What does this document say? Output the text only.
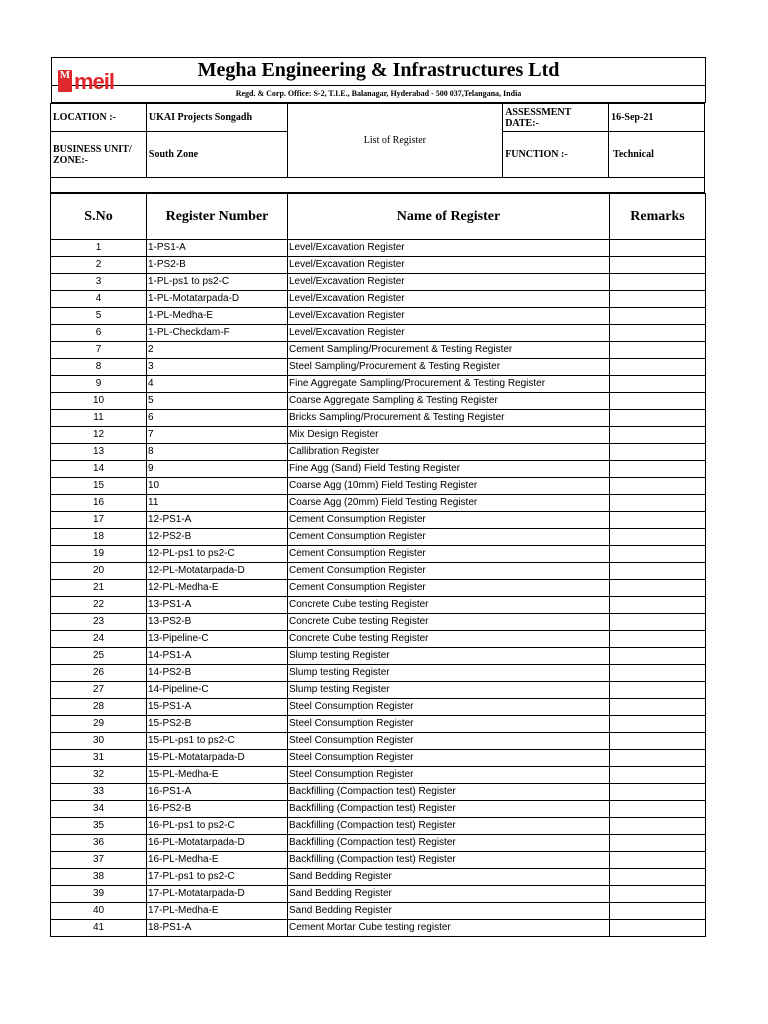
M meil	Megha Engineering & Infrastructures Ltd
Regd. & Corp. Office: S-2, T.I.E., Balanagar, Hyderabad - 500 037,Telangana, India
LOCATION :-	UKAI Projects Songadh	List of Register	ASSESSMENT DATE:-	16-Sep-21
BUSINESS UNIT/ ZONE:-	South Zone		FUNCTION :-	Technical

S.No	Register Number	Name of Register	Remarks
1	1-PS1-A	Level/Excavation Register	
2	1-PS2-B	Level/Excavation Register	
3	1-PL-ps1 to ps2-C	Level/Excavation Register	
4	1-PL-Motatarpada-D	Level/Excavation Register	
5	1-PL-Medha-E	Level/Excavation Register	
6	1-PL-Checkdam-F	Level/Excavation Register	
7	2	Cement Sampling/Procurement & Testing Register	
8	3	Steel Sampling/Procurement & Testing Register	
9	4	Fine Aggregate Sampling/Procurement & Testing Register	
10	5	Coarse Aggregate Sampling & Testing Register	
11	6	Bricks Sampling/Procurement & Testing Register	
12	7	Mix Design Register	
13	8	Callibration Register	
14	9	Fine Agg (Sand) Field Testing Register	
15	10	Coarse Agg (10mm) Field Testing Register	
16	11	Coarse Agg (20mm) Field Testing Register	
17	12-PS1-A	Cement Consumption Register	
18	12-PS2-B	Cement Consumption Register	
19	12-PL-ps1 to ps2-C	Cement Consumption Register	
20	12-PL-Motatarpada-D	Cement Consumption Register	
21	12-PL-Medha-E	Cement Consumption Register	
22	13-PS1-A	Concrete Cube testing Register	
23	13-PS2-B	Concrete Cube testing Register	
24	13-Pipeline-C	Concrete Cube testing Register	
25	14-PS1-A	Slump testing Register	
26	14-PS2-B	Slump testing Register	
27	14-Pipeline-C	Slump testing Register	
28	15-PS1-A	Steel Consumption Register	
29	15-PS2-B	Steel Consumption Register	
30	15-PL-ps1 to ps2-C	Steel Consumption Register	
31	15-PL-Motatarpada-D	Steel Consumption Register	
32	15-PL-Medha-E	Steel Consumption Register	
33	16-PS1-A	Backfilling (Compaction test) Register	
34	16-PS2-B	Backfilling (Compaction test) Register	
35	16-PL-ps1 to ps2-C	Backfilling (Compaction test) Register	
36	16-PL-Motatarpada-D	Backfilling (Compaction test) Register	
37	16-PL-Medha-E	Backfilling (Compaction test) Register	
38	17-PL-ps1 to ps2-C	Sand Bedding Register	
39	17-PL-Motatarpada-D	Sand Bedding Register	
40	17-PL-Medha-E	Sand Bedding Register	
41	18-PS1-A	Cement Mortar Cube testing register	
